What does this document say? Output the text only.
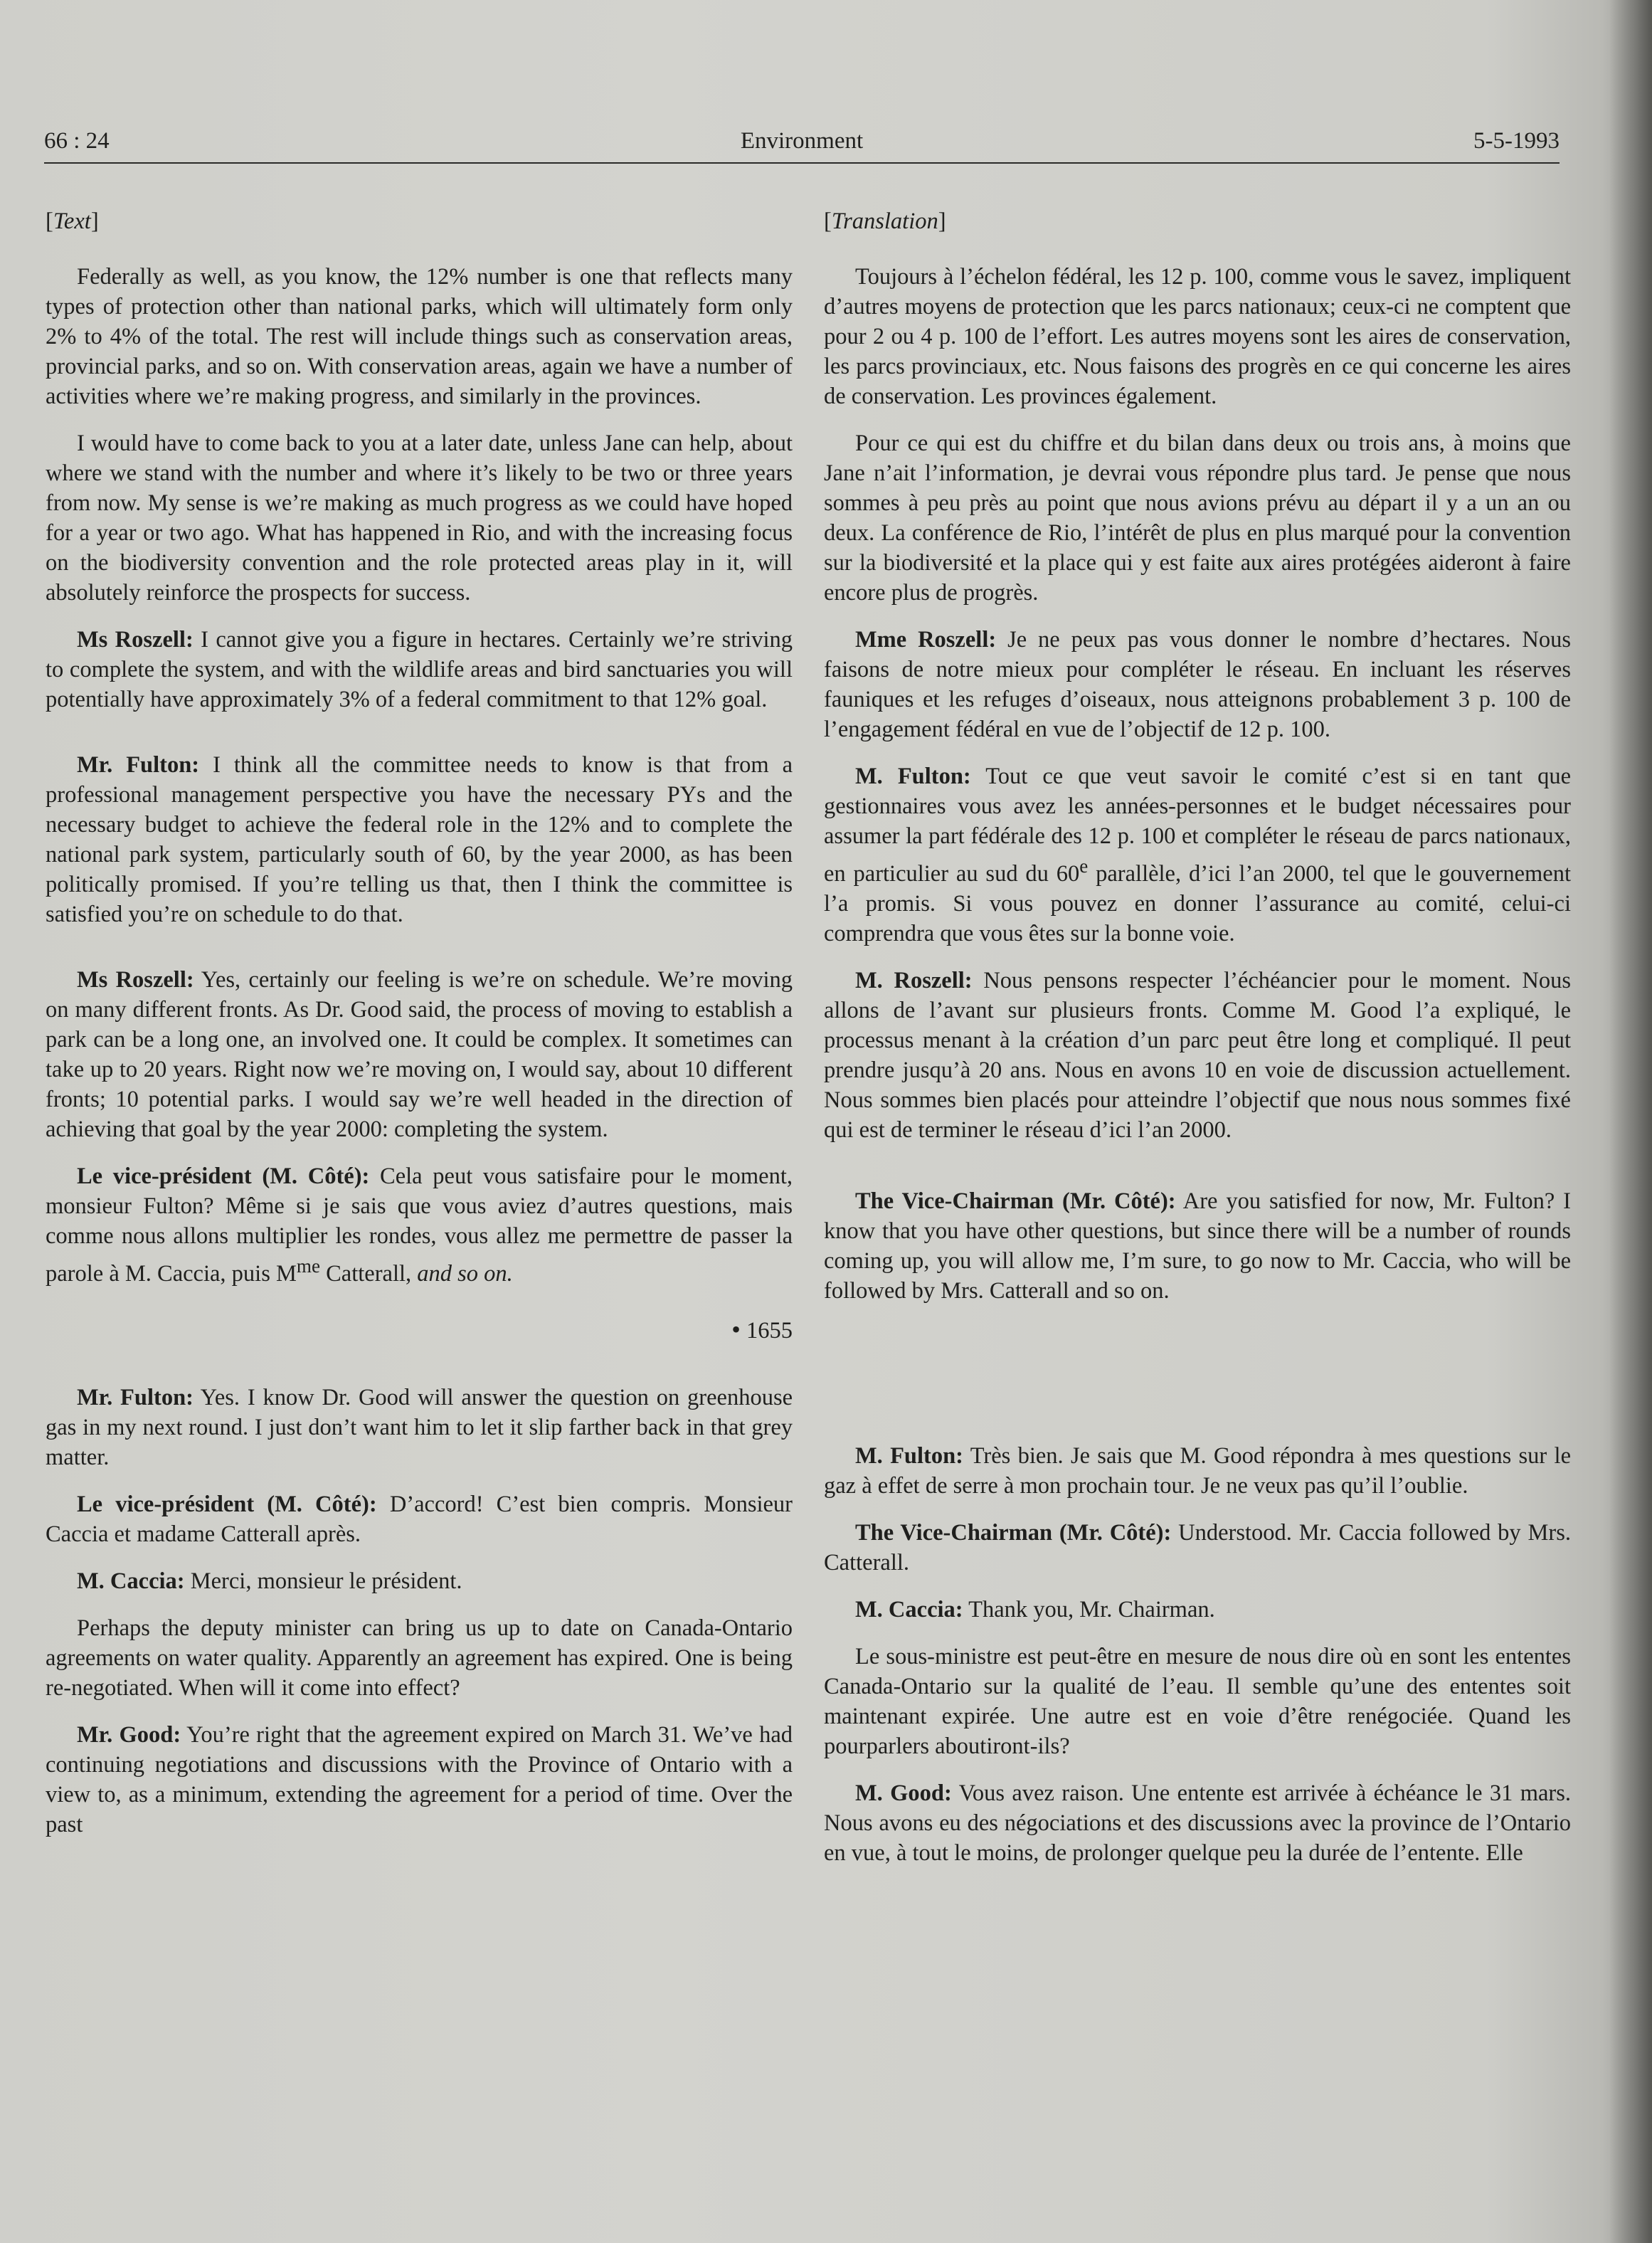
Environment
66 : 24	5-5-1993
[Text]

Federally as well, as you know, the 12% number is one that reflects many types of protection other than national parks, which will ultimately form only 2% to 4% of the total. The rest will include things such as conservation areas, provincial parks, and so on. With conservation areas, again we have a number of activities where we’re making progress, and similarly in the provinces.

I would have to come back to you at a later date, unless Jane can help, about where we stand with the number and where it’s likely to be two or three years from now. My sense is we’re making as much progress as we could have hoped for a year or two ago. What has happened in Rio, and with the increasing focus on the biodiversity convention and the role protected areas play in it, will absolutely reinforce the prospects for success.

Ms Roszell: I cannot give you a figure in hectares. Certainly we’re striving to complete the system, and with the wildlife areas and bird sanctuaries you will potentially have approximately 3% of a federal commitment to that 12% goal.

Mr. Fulton: I think all the committee needs to know is that from a professional management perspective you have the necessary PYs and the necessary budget to achieve the federal role in the 12% and to complete the national park system, particularly south of 60, by the year 2000, as has been politically promised. If you’re telling us that, then I think the committee is satisfied you’re on schedule to do that.

Ms Roszell: Yes, certainly our feeling is we’re on schedule. We’re moving on many different fronts. As Dr. Good said, the process of moving to establish a park can be a long one, an involved one. It could be complex. It sometimes can take up to 20 years. Right now we’re moving on, I would say, about 10 different fronts; 10 potential parks. I would say we’re well headed in the direction of achieving that goal by the year 2000: completing the system.

Le vice-président (M. Côté): Cela peut vous satisfaire pour le moment, monsieur Fulton? Même si je sais que vous aviez d’autres questions, mais comme nous allons multiplier les rondes, vous allez me permettre de passer la parole à M. Caccia, puis $M^{me}$ Catterall, and so on.

• 1655

Mr. Fulton: Yes. I know Dr. Good will answer the question on greenhouse gas in my next round. I just don’t want him to let it slip farther back in that grey matter.

Le vice-président (M. Côté): D’accord! C’est bien compris. Monsieur Caccia et madame Catterall après.

M. Caccia: Merci, monsieur le président.

Perhaps the deputy minister can bring us up to date on Canada-Ontario agreements on water quality. Apparently an agreement has expired. One is being re-negotiated. When will it come into effect?

Mr. Good: You’re right that the agreement expired on March 31. We’ve had continuing negotiations and discussions with the Province of Ontario with a view to, as a minimum, extending the agreement for a period of time. Over the past

[Translation]

Toujours à l’échelon fédéral, les 12 p. 100, comme vous le savez, impliquent d’autres moyens de protection que les parcs nationaux; ceux-ci ne comptent que pour 2 ou 4 p. 100 de l’effort. Les autres moyens sont les aires de conservation, les parcs provinciaux, etc. Nous faisons des progrès en ce qui concerne les aires de conservation. Les provinces également.

Pour ce qui est du chiffre et du bilan dans deux ou trois ans, à moins que Jane n’ait l’information, je devrai vous répondre plus tard. Je pense que nous sommes à peu près au point que nous avions prévu au départ il y a un an ou deux. La conférence de Rio, l’intérêt de plus en plus marqué pour la convention sur la biodiversité et la place qui y est faite aux aires protégées aideront à faire encore plus de progrès.

Mme Roszell: Je ne peux pas vous donner le nombre d’hectares. Nous faisons de notre mieux pour compléter le réseau. En incluant les réserves fauniques et les refuges d’oiseaux, nous atteignons probablement 3 p. 100 de l’engagement fédéral en vue de l’objectif de 12 p. 100.

M. Fulton: Tout ce que veut savoir le comité c’est si en tant que gestionnaires vous avez les années-personnes et le budget nécessaires pour assumer la part fédérale des 12 p. 100 et compléter le réseau de parcs nationaux, en particulier au sud du 60e parallèle, d’ici l’an 2000, tel que le gouvernement l’a promis. Si vous pouvez en donner l’assurance au comité, celui-ci comprendra que vous êtes sur la bonne voie.

M. Roszell: Nous pensons respecter l’échéancier pour le moment. Nous allons de l’avant sur plusieurs fronts. Comme M. Good l’a expliqué, le processus menant à la création d’un parc peut être long et compliqué. Il peut prendre jusqu’à 20 ans. Nous en avons 10 en voie de discussion actuellement. Nous sommes bien placés pour atteindre l’objectif que nous nous sommes fixé qui est de terminer le réseau d’ici l’an 2000.

The Vice-Chairman (Mr. Côté): Are you satisfied for now, Mr. Fulton? I know that you have other questions, but since there will be a number of rounds coming up, you will allow me, I’m sure, to go now to Mr. Caccia, who will be followed by Mrs. Catterall and so on.

M. Fulton: Très bien. Je sais que M. Good répondra à mes questions sur le gaz à effet de serre à mon prochain tour. Je ne veux pas qu’il l’oublie.

The Vice-Chairman (Mr. Côté): Understood. Mr. Caccia followed by Mrs. Catterall.

M. Caccia: Thank you, Mr. Chairman.

Le sous-ministre est peut-être en mesure de nous dire où en sont les ententes Canada-Ontario sur la qualité de l’eau. Il semble qu’une des ententes soit maintenant expirée. Une autre est en voie d’être renégociée. Quand les pourparlers aboutiront-ils?

M. Good: Vous avez raison. Une entente est arrivée à échéance le 31 mars. Nous avons eu des négociations et des discussions avec la province de l’Ontario en vue, à tout le moins, de prolonger quelque peu la durée de l’entente. Elle
